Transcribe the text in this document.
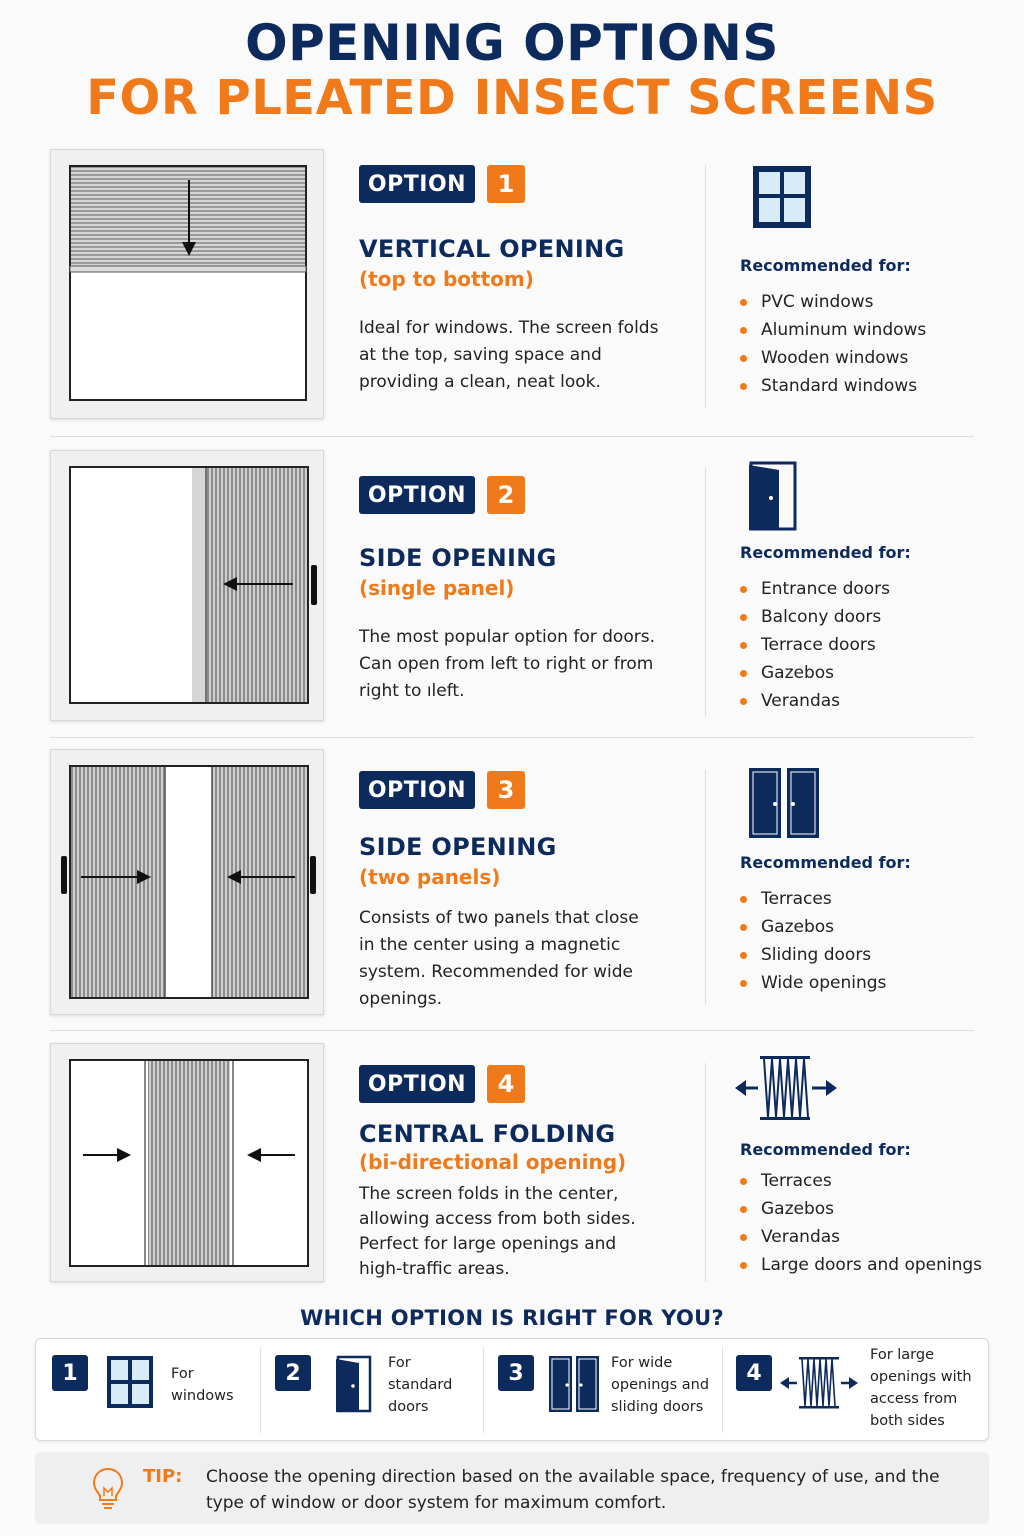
OPENING OPTIONS
FOR PLEATED INSECT SCREENS
OPTION	1
VERTICAL OPENING
(top to bottom)
Ideal for windows. The screen folds at the top, saving space and providing a clean, neat look.
Recommended for:
PVC windows
Aluminum windows
Wooden windows
Standard windows
OPTION	2
SIDE OPENING
(single panel)
The most popular option for doors. Can open from left to right or from right to ıleft.
Recommended for:
Entrance doors
Balcony doors
Terrace doors
Gazebos
Verandas
OPTION	3
SIDE OPENING
(two panels)
Consists of two panels that close in the center using a magnetic system. Recommended for wide openings.
Recommended for:
Terraces
Gazebos
Sliding doors
Wide openings
OPTION	4
CENTRAL FOLDING
(bi-directional opening)
The screen folds in the center, allowing access from both sides. Perfect for large openings and high-traffic areas.
Recommended for:
Terraces
Gazebos
Verandas
Large doors and openings
WHICH OPTION IS RIGHT FOR YOU?
1	For windows
2	For standard doors
3	For wide openings and sliding doors
4
For large openings with access from both sides
TIP: Choose the opening direction based on the available space, frequency of use, and the type of window or door system for maximum comfort.
